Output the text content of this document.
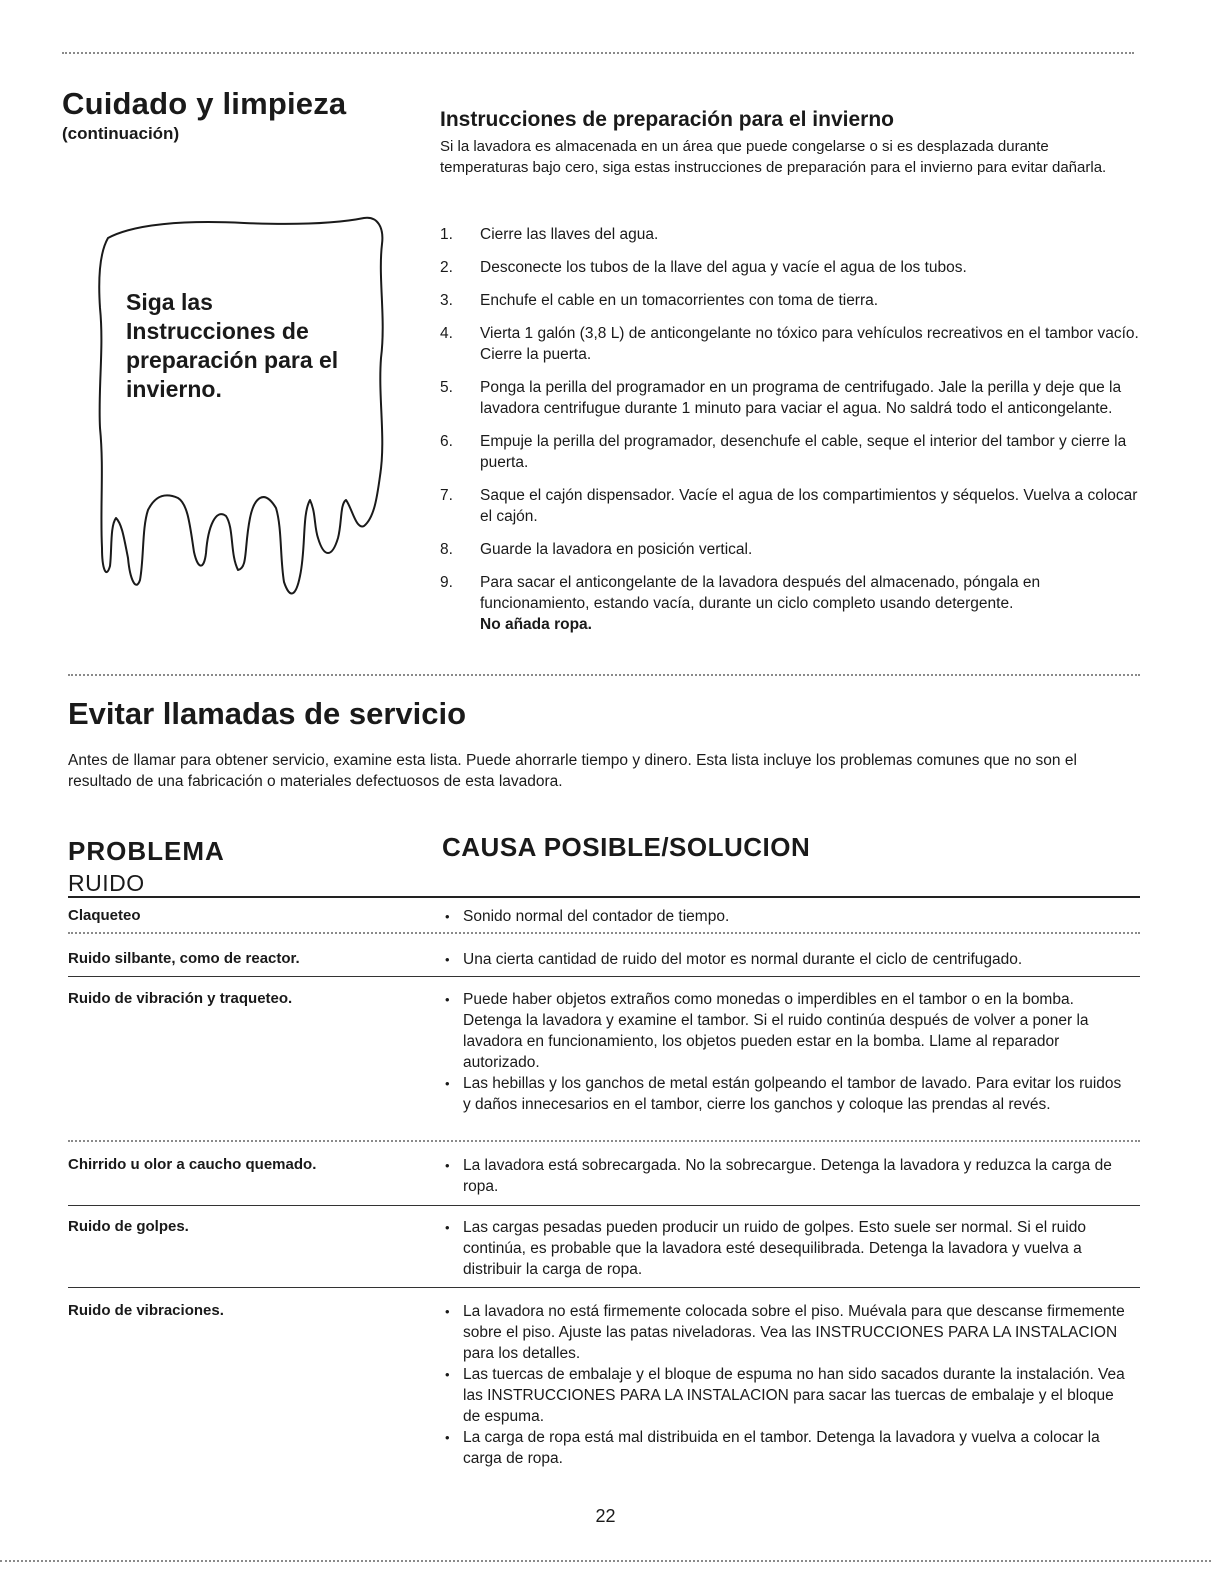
Cuidado y limpieza
(continuación)
Siga las
Instrucciones de
preparación para el
invierno.
Instrucciones de preparación para el invierno
Si la lavadora es almacenada en un área que puede congelarse o si es desplazada durante temperaturas bajo cero, siga estas instrucciones de preparación para el invierno para evitar dañarla.
1.	Cierre las llaves del agua.
2.	Desconecte los tubos de la llave del agua y vacíe el agua de los tubos.
3.	Enchufe el cable en un tomacorrientes con toma de tierra.
4.	Vierta 1 galón (3,8 L) de anticongelante no tóxico para vehículos recreativos en el tambor vacío. Cierre la puerta.
5.	Ponga la perilla del programador en un programa de centrifugado. Jale la perilla y deje que la lavadora centrifugue durante 1 minuto para vaciar el agua. No saldrá todo el anticongelante.
6.	Empuje la perilla del programador, desenchufe el cable, seque el interior del tambor y cierre la puerta.
7.	Saque el cajón dispensador. Vacíe el agua de los compartimientos y séquelos. Vuelva a colocar el cajón.
8.	Guarde la lavadora en posición vertical.
9.	Para sacar el anticongelante de la lavadora después del almacenado, póngala en funcionamiento, estando vacía, durante un ciclo completo usando detergente.
No añada ropa.
Evitar llamadas de servicio
Antes de llamar para obtener servicio, examine esta lista. Puede ahorrarle tiempo y dinero. Esta lista incluye los problemas comunes que no son el resultado de una fabricación o materiales defectuosos de esta lavadora.
PROBLEMA	CAUSA POSIBLE/SOLUCION
RUIDO
Claqueteo	• Sonido normal del contador de tiempo.
Ruido silbante, como de reactor.	• Una cierta cantidad de ruido del motor es normal durante el ciclo de centrifugado.
Ruido de vibración y traqueteo.	• Puede haber objetos extraños como monedas o imperdibles en el tambor o en la bomba. Detenga la lavadora y examine el tambor. Si el ruido continúa después de volver a poner la lavadora en funcionamiento, los objetos pueden estar en la bomba. Llame al reparador autorizado.
• Las hebillas y los ganchos de metal están golpeando el tambor de lavado. Para evitar los ruidos y daños innecesarios en el tambor, cierre los ganchos y coloque las prendas al revés.
Chirrido u olor a caucho quemado.	• La lavadora está sobrecargada. No la sobrecargue. Detenga la lavadora y reduzca la carga de ropa.
Ruido de golpes.	• Las cargas pesadas pueden producir un ruido de golpes. Esto suele ser normal. Si el ruido continúa, es probable que la lavadora esté desequilibrada. Detenga la lavadora y vuelva a distribuir la carga de ropa.
Ruido de vibraciones.	• La lavadora no está firmemente colocada sobre el piso. Muévala para que descanse firmemente sobre el piso. Ajuste las patas niveladoras. Vea las INSTRUCCIONES PARA LA INSTALACION para los detalles.
• Las tuercas de embalaje y el bloque de espuma no han sido sacados durante la instalación. Vea las INSTRUCCIONES PARA LA INSTALACION para sacar las tuercas de embalaje y el bloque de espuma.
• La carga de ropa está mal distribuida en el tambor. Detenga la lavadora y vuelva a colocar la carga de ropa.
22
